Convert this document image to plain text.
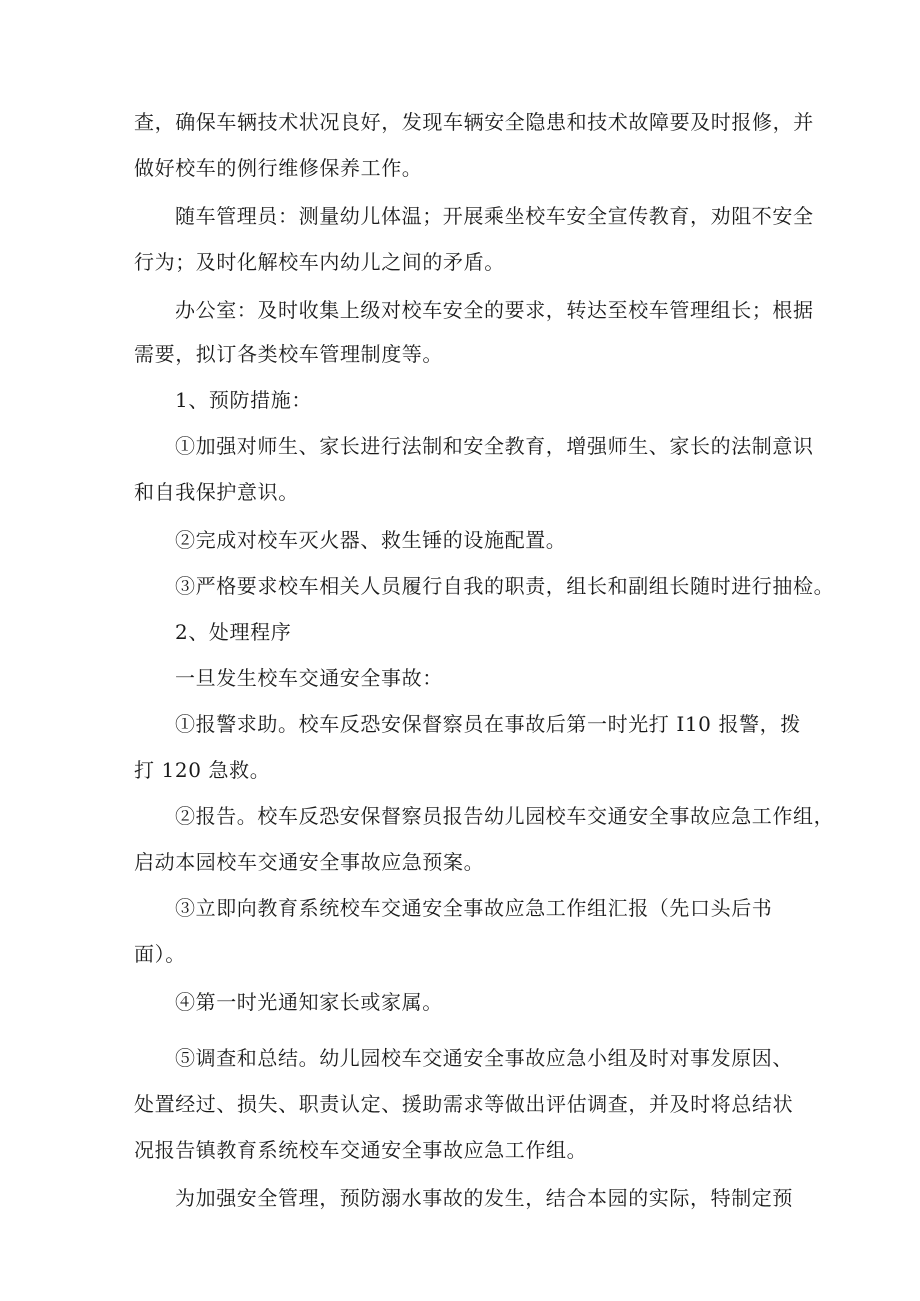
查，确保车辆技术状况良好，发现车辆安全隐患和技术故障要及时报修，并
做好校车的例行维修保养工作。
随车管理员：测量幼儿体温；开展乘坐校车安全宣传教育，劝阻不安全
行为；及时化解校车内幼儿之间的矛盾。
办公室：及时收集上级对校车安全的要求，转达至校车管理组长；根据
需要，拟订各类校车管理制度等。
1、预防措施：
①加强对师生、家长进行法制和安全教育，增强师生、家长的法制意识
和自我保护意识。
②完成对校车灭火器、救生锤的设施配置。
③严格要求校车相关人员履行自我的职责，组长和副组长随时进行抽检。
2、处理程序
一旦发生校车交通安全事故：
①报警求助。校车反恐安保督察员在事故后第一时光打 I10 报警，拨
打 120 急救。
②报告。校车反恐安保督察员报告幼儿园校车交通安全事故应急工作组，
启动本园校车交通安全事故应急预案。
③立即向教育系统校车交通安全事故应急工作组汇报（先口头后书
面）。
④第一时光通知家长或家属。
⑤调查和总结。幼儿园校车交通安全事故应急小组及时对事发原因、
处置经过、损失、职责认定、援助需求等做出评估调查，并及时将总结状
况报告镇教育系统校车交通安全事故应急工作组。
为加强安全管理，预防溺水事故的发生，结合本园的实际，特制定预
